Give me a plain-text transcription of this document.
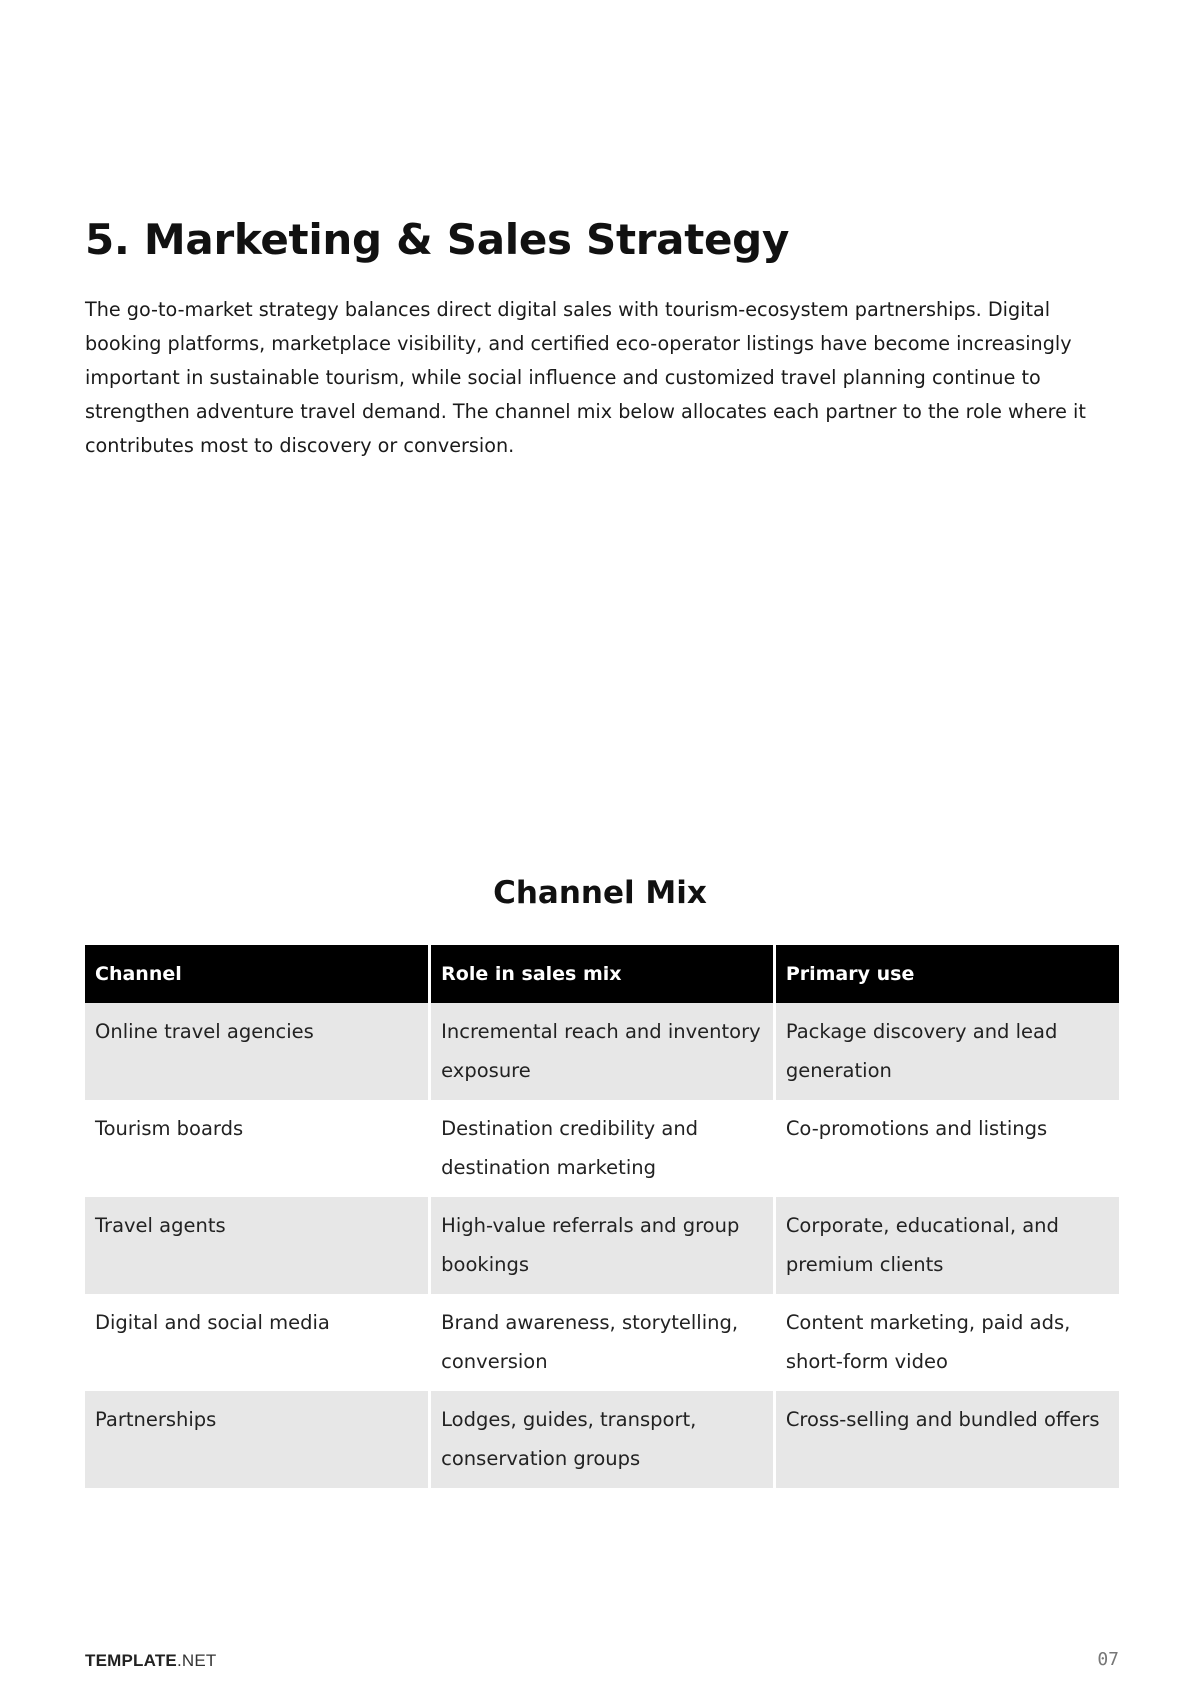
5. Marketing & Sales Strategy

The go-to-market strategy balances direct digital sales with tourism-ecosystem partnerships. Digital booking platforms, marketplace visibility, and certified eco-operator listings have become increasingly important in sustainable tourism, while social influence and customized travel planning continue to strengthen adventure travel demand. The channel mix below allocates each partner to the role where it contributes most to discovery or conversion.

Channel Mix
Channel	Role in sales mix	Primary use
Online travel agencies	Incremental reach and inventory exposure	Package discovery and lead generation
Tourism boards	Destination credibility and destination marketing	Co-promotions and listings
Travel agents	High-value referrals and group bookings	Corporate, educational, and premium clients
Digital and social media	Brand awareness, storytelling, conversion	Content marketing, paid ads, short-form video
Partnerships	Lodges, guides, transport, conservation groups	Cross-selling and bundled offers
TEMPLATE.NET	07
